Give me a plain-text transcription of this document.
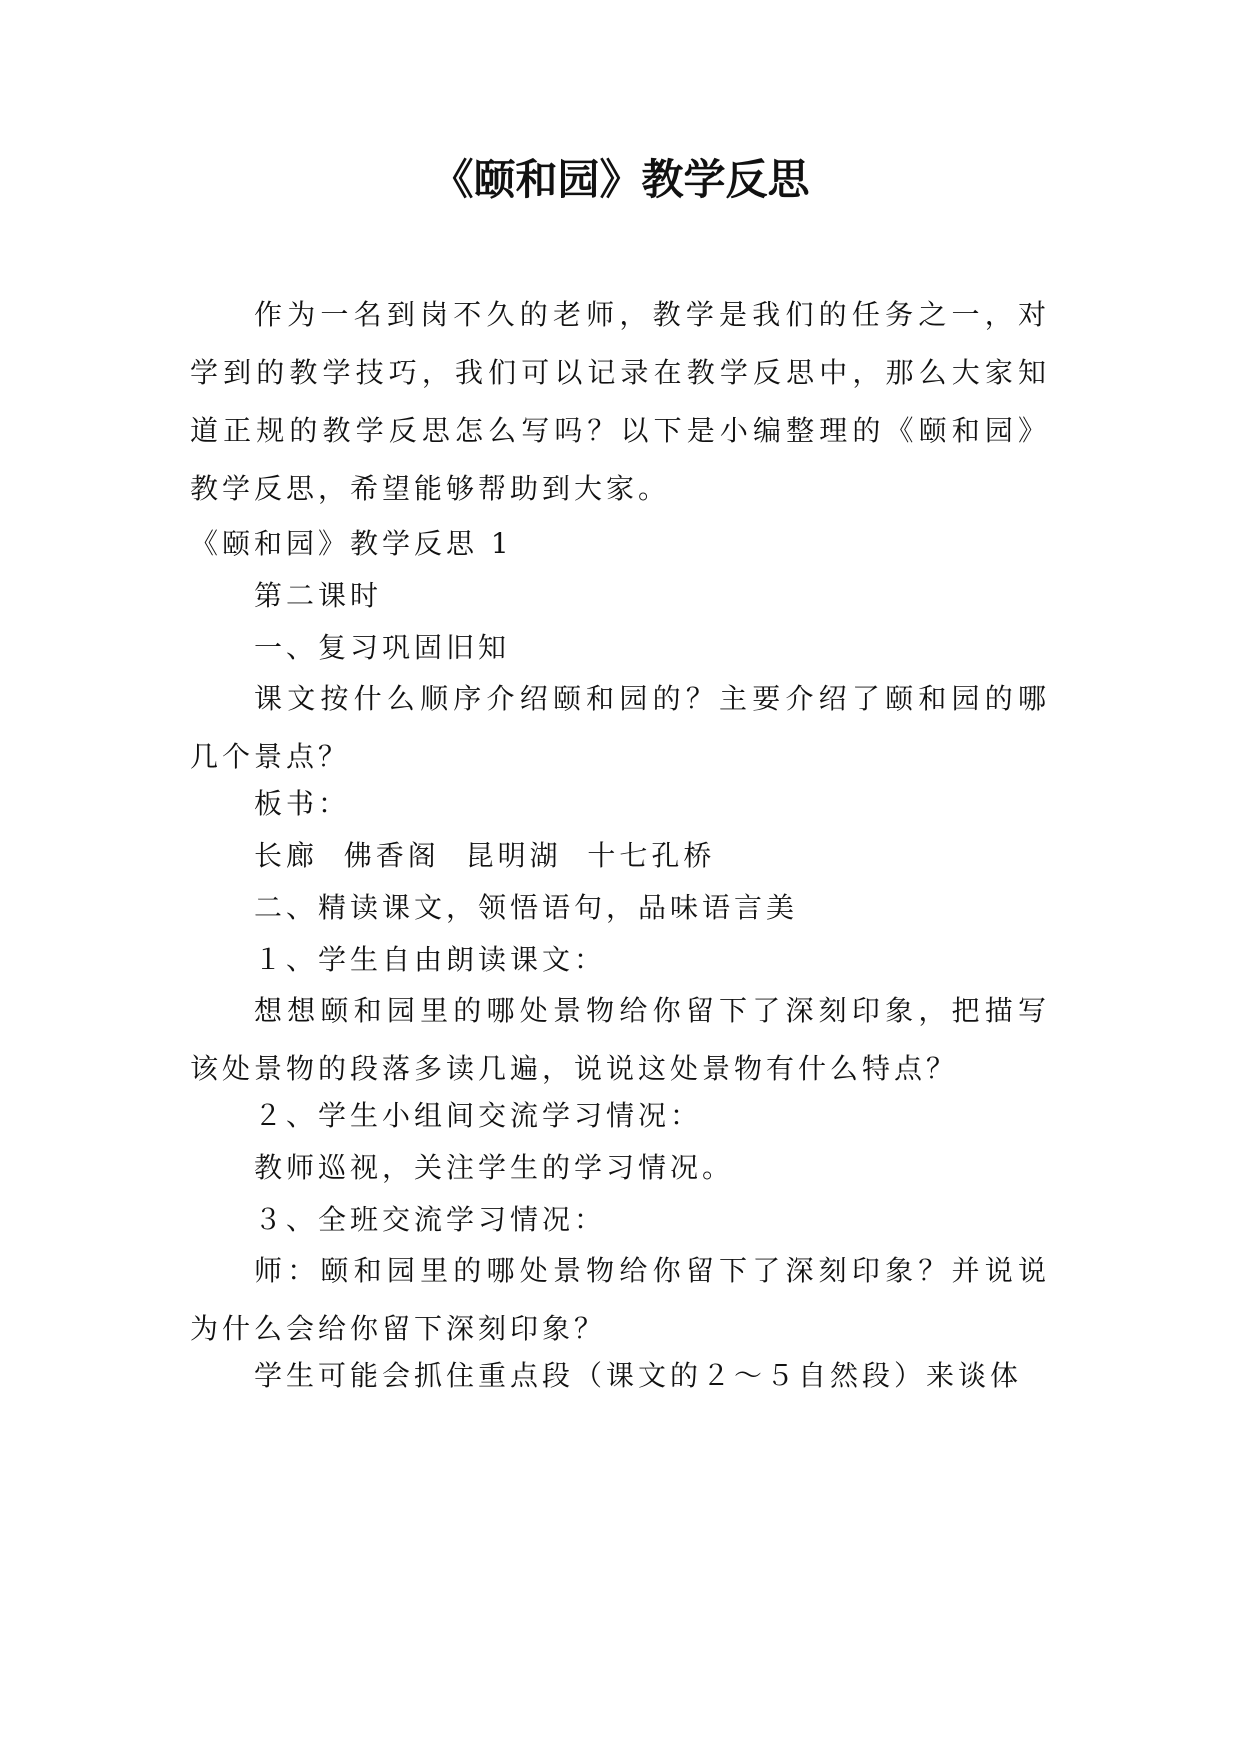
《颐和园》教学反思

作为一名到岗不久的老师，教学是我们的任务之一，对学到的教学技巧，我们可以记录在教学反思中，那么大家知道正规的教学反思怎么写吗？以下是小编整理的《颐和园》教学反思，希望能够帮助到大家。

《颐和园》教学反思 1

第二课时

一、复习巩固旧知

课文按什么顺序介绍颐和园的？主要介绍了颐和园的哪几个景点？

板书：

长廊  佛香阁  昆明湖  十七孔桥

二、精读课文，领悟语句，品味语言美

１、学生自由朗读课文：

想想颐和园里的哪处景物给你留下了深刻印象，把描写该处景物的段落多读几遍，说说这处景物有什么特点？

２、学生小组间交流学习情况：

教师巡视，关注学生的学习情况。

３、全班交流学习情况：

师：颐和园里的哪处景物给你留下了深刻印象？并说说为什么会给你留下深刻印象？

学生可能会抓住重点段（课文的２～５自然段）来谈体
